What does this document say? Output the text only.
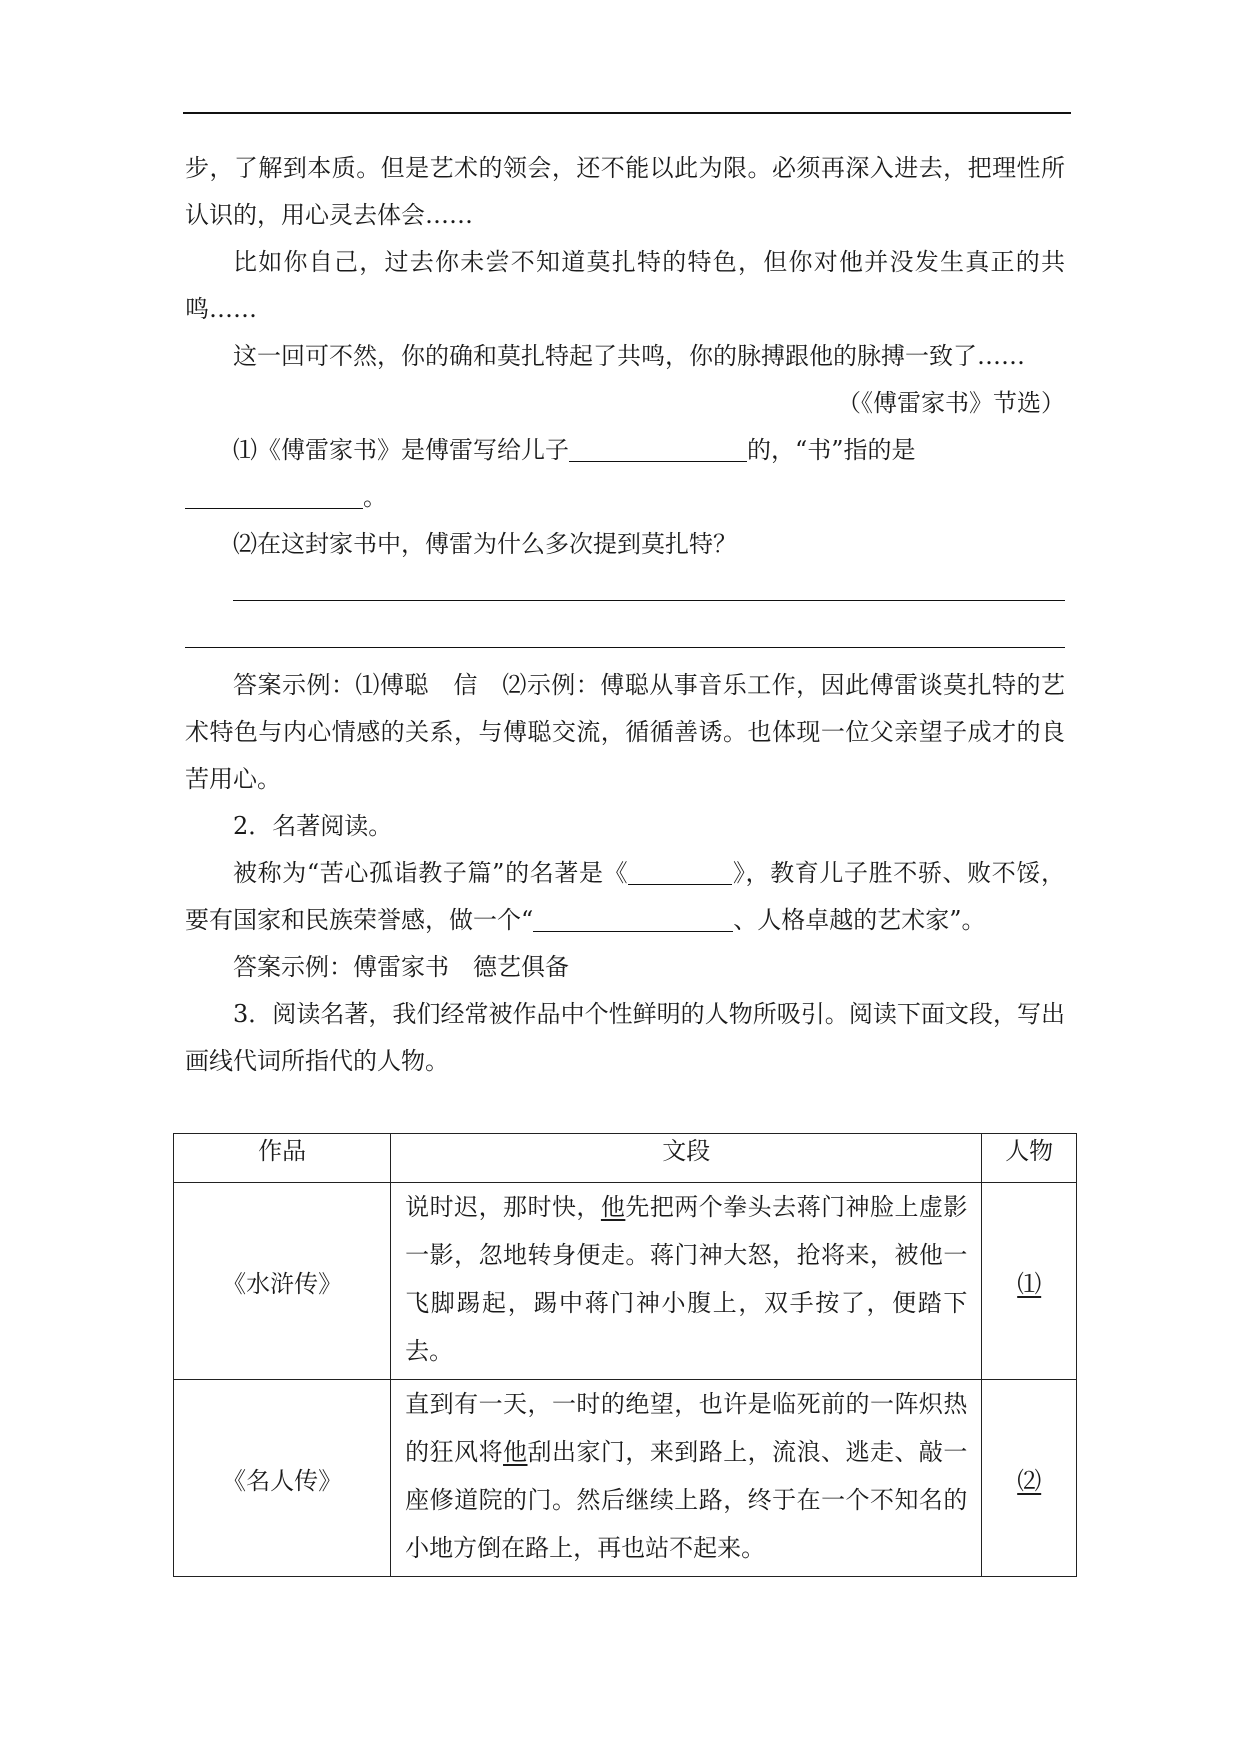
步，了解到本质。但是艺术的领会，还不能以此为限。必须再深入进去，把理性所认识的，用心灵去体会……

比如你自己，过去你未尝不知道莫扎特的特色，但你对他并没发生真正的共鸣……

这一回可不然，你的确和莫扎特起了共鸣，你的脉搏跟他的脉搏一致了……

（《傅雷家书》节选）

⑴《傅雷家书》是傅雷写给儿子	的，“书”指的是
。

⑵在这封家书中，傅雷为什么多次提到莫扎特？

答案示例：⑴傅聪　信　⑵示例：傅聪从事音乐工作，因此傅雷谈莫扎特的艺术特色与内心情感的关系，与傅聪交流，循循善诱。也体现一位父亲望子成才的良苦用心。

2．名著阅读。

被称为“苦心孤诣教子篇”的名著是《	》，教育儿子胜不骄、败不馁，要有国家和民族荣誉感，做一个“	、人格卓越的艺术家”。

答案示例：傅雷家书　德艺俱备

3．阅读名著，我们经常被作品中个性鲜明的人物所吸引。阅读下面文段，写出画线代词所指代的人物。

作品	文段	人物
《水浒传》	说时迟，那时快，他先把两个拳头去蒋门神脸上虚影一影，忽地转身便走。蒋门神大怒，抢将来，被他一飞脚踢起，踢中蒋门神小腹上，双手按了，便踏下去。	⑴
《名人传》	直到有一天，一时的绝望，也许是临死前的一阵炽热的狂风将他刮出家门，来到路上，流浪、逃走、敲一座修道院的门。然后继续上路，终于在一个不知名的小地方倒在路上，再也站不起来。	⑵
